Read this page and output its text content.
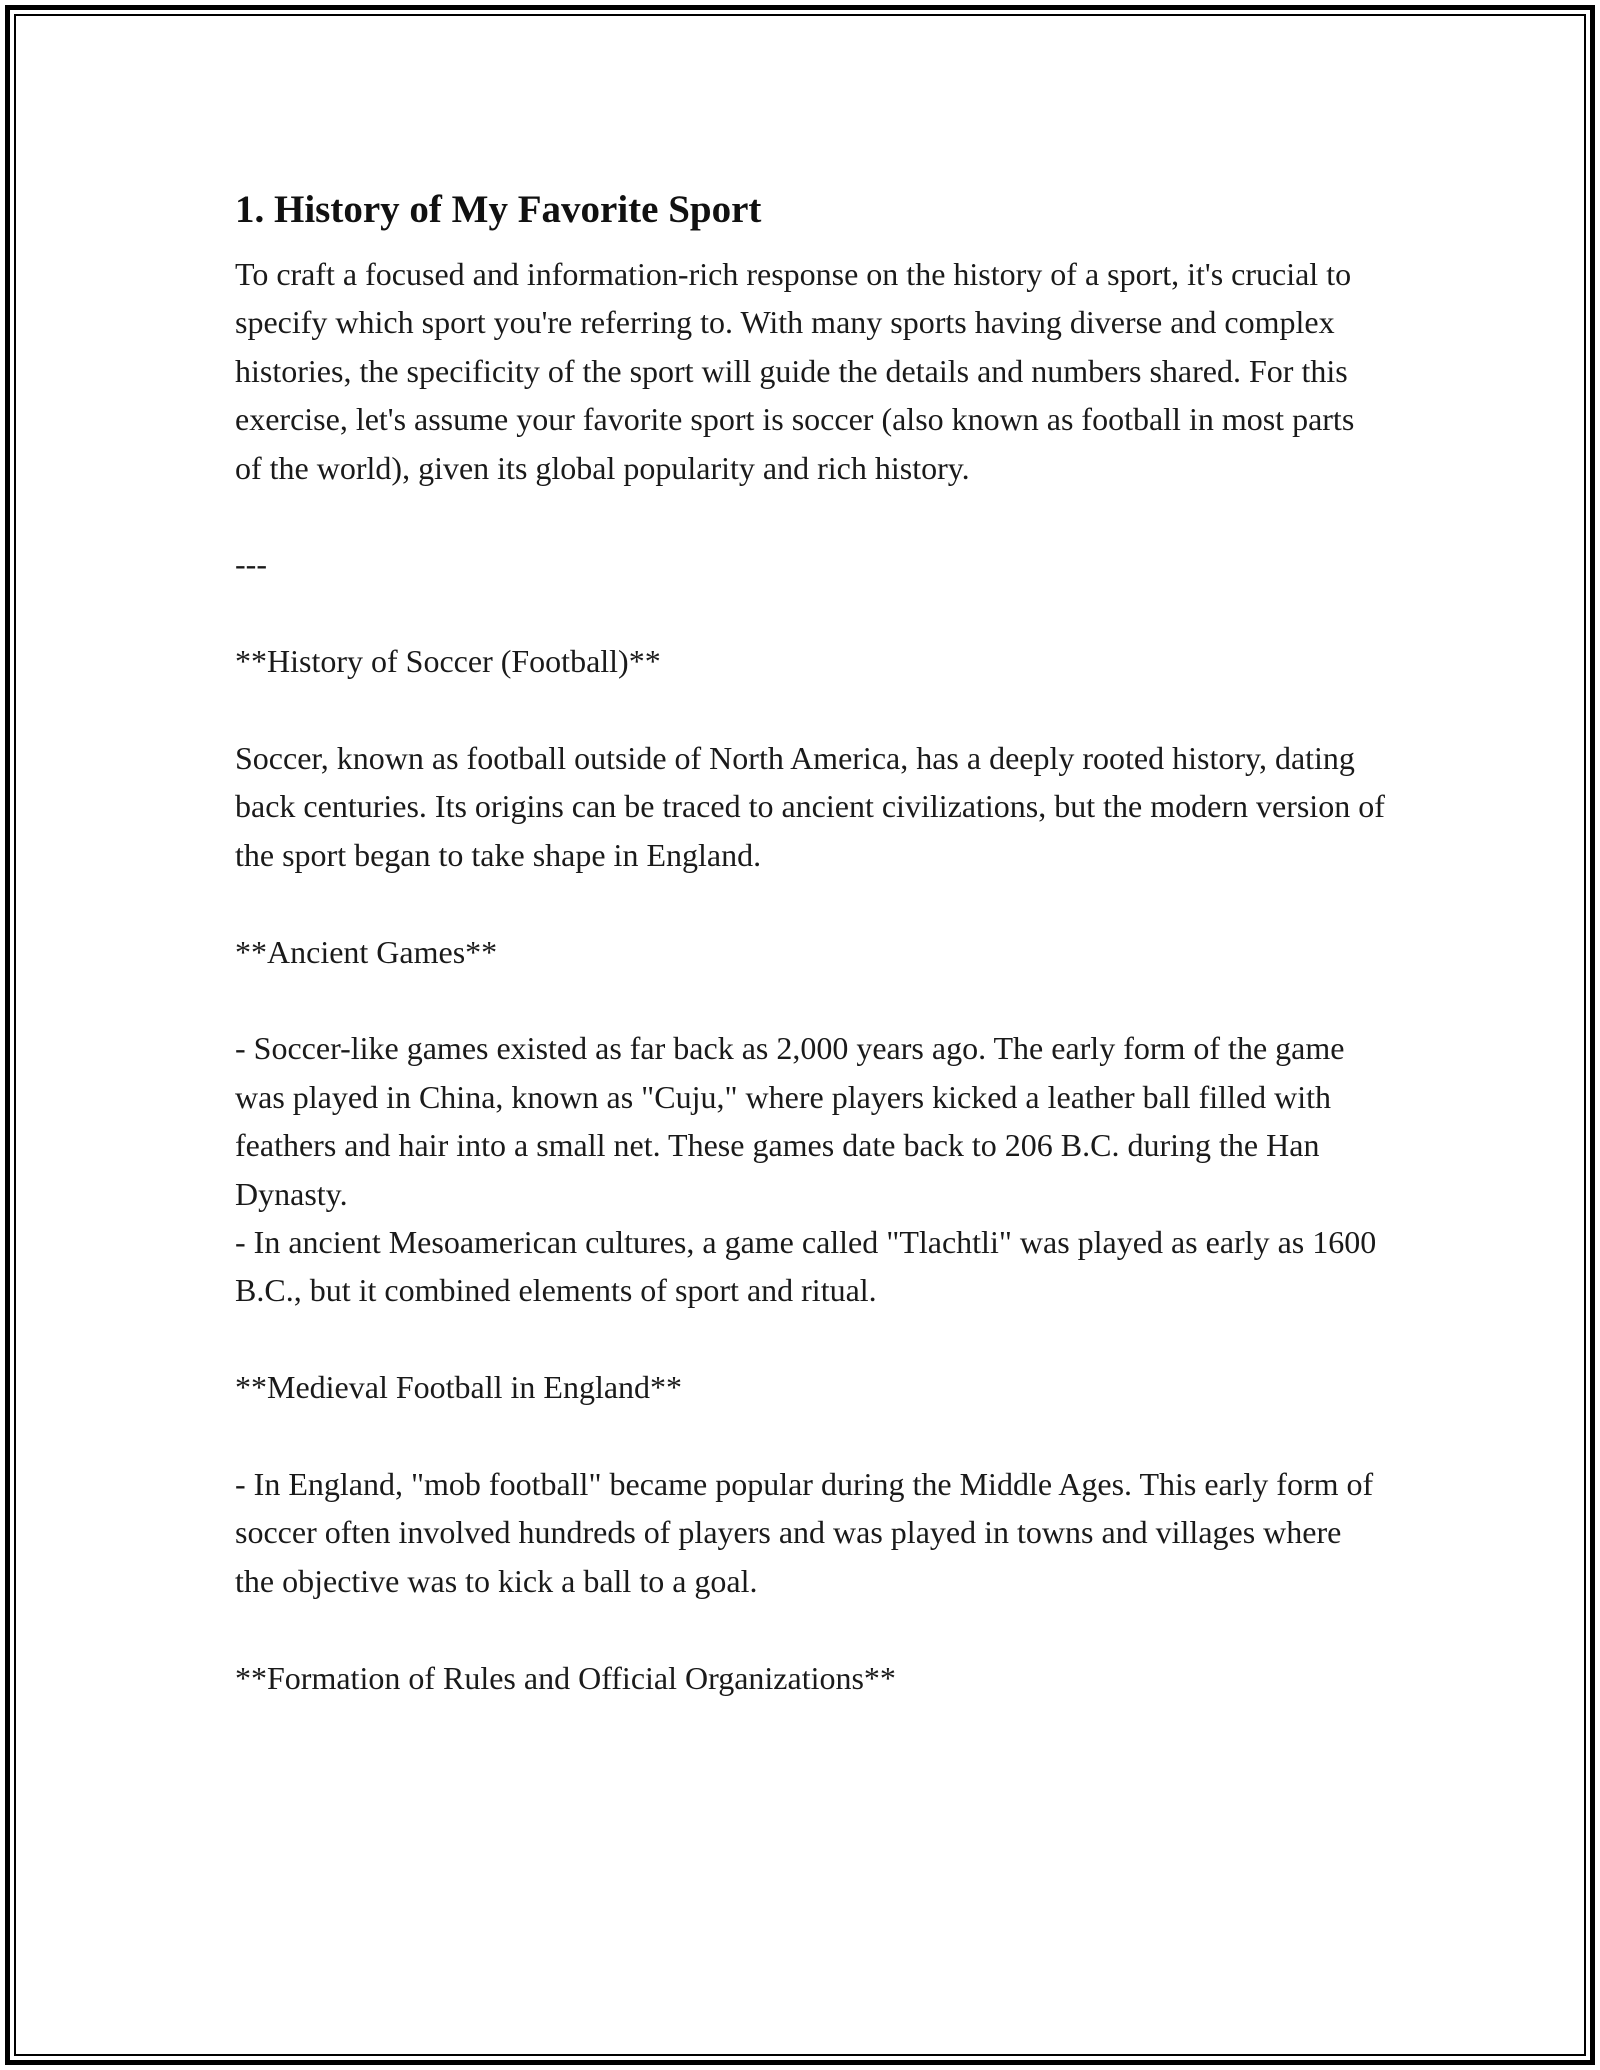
1. History of My Favorite Sport

To craft a focused and information-rich response on the history of a sport, it's crucial to specify which sport you're referring to. With many sports having diverse and complex histories, the specificity of the sport will guide the details and numbers shared. For this exercise, let's assume your favorite sport is soccer (also known as football in most parts of the world), given its global popularity and rich history.

---

**History of Soccer (Football)**

Soccer, known as football outside of North America, has a deeply rooted history, dating back centuries. Its origins can be traced to ancient civilizations, but the modern version of the sport began to take shape in England.

**Ancient Games**

- Soccer-like games existed as far back as 2,000 years ago. The early form of the game was played in China, known as "Cuju," where players kicked a leather ball filled with feathers and hair into a small net. These games date back to 206 B.C. during the Han Dynasty.

- In ancient Mesoamerican cultures, a game called "Tlachtli" was played as early as 1600 B.C., but it combined elements of sport and ritual.

**Medieval Football in England**

- In England, "mob football" became popular during the Middle Ages. This early form of soccer often involved hundreds of players and was played in towns and villages where the objective was to kick a ball to a goal.

**Formation of Rules and Official Organizations**
